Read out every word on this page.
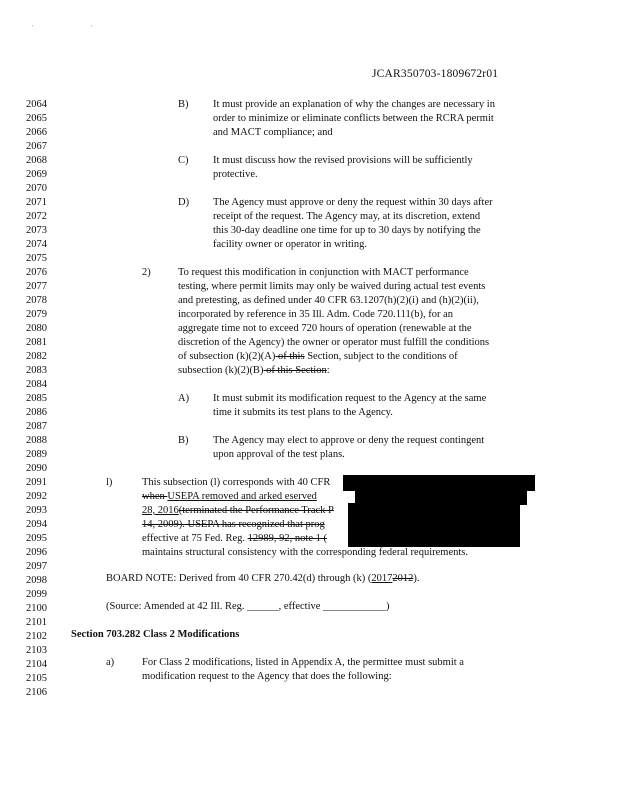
' '
JCAR350703-1809672r01
2064
2065
2066
2067
2068
2069
2070
2071
2072
2073
2074
2075
2076
2077
2078
2079
2080
2081
2082
2083
2084
2085
2086
2087
2088
2089
2090
2091
2092
2093
2094
2095
2096
2097
2098
2099
2100
2101
2102
2103
2104
2105
2106
B) It must provide an explanation of why the changes are necessary in
order to minimize or eliminate conflicts between the RCRA permit
and MACT compliance; and
C) It must discuss how the revised provisions will be sufficiently
protective.
D) The Agency must approve or deny the request within 30 days after
receipt of the request. The Agency may, at its discretion, extend
this 30-day deadline one time for up to 30 days by notifying the
facility owner or operator in writing.
2)	To request this modification in conjunction with MACT performance
testing, where permit limits may only be waived during actual test events
and pretesting, as defined under 40 CFR 63.1207(h)(2)(i) and (h)(2)(ii),
incorporated by reference in 35 Ill. Adm. Code 720.111(b), for an
aggregate time not to exceed 720 hours of operation (renewable at the
discretion of the Agency) the owner or operator must fulfill the conditions
of subsection (k)(2)(A) of this Section, subject to the conditions of
subsection (k)(2)(B) of this Section:
A) It must submit its modification request to the Agency at the same
time it submits its test plans to the Agency.
B) The Agency may elect to approve or deny the request contingent
upon approval of the test plans.
l)	This subsection (l) corresponds with 40 CFR
when USEPA removed and arked eserved
28, 2016(terminated the Performance Track P
14, 2009). USEPA has recognized that prog
effective at 75 Fed. Reg. 12989, 92, note 1 (
maintains structural consistency with the corresponding federal requirements.
BOARD NOTE: Derived from 40 CFR 270.42(d) through (k) (20172012).
(Source: Amended at 42 Ill. Reg. ______, effective ____________)
Section 703.282 Class 2 Modifications
a)	For Class 2 modifications, listed in Appendix A, the permittee must submit a
modification request to the Agency that does the following:
